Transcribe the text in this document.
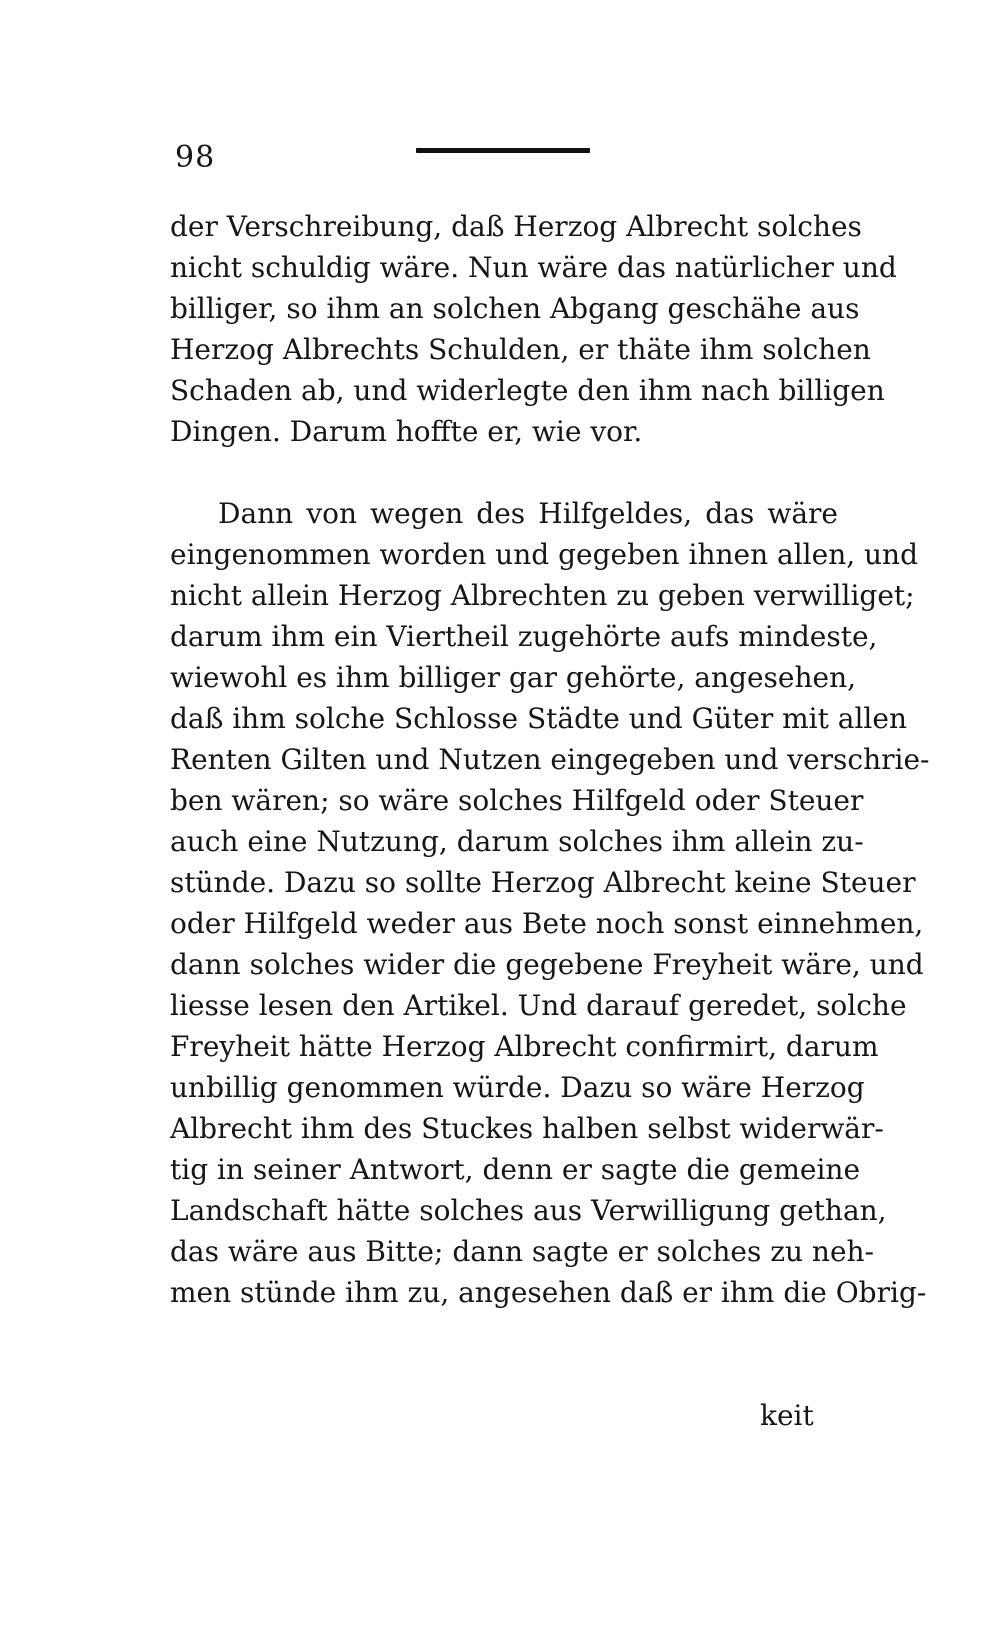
98
der Verschreibung, daß Herzog Albrecht solches
nicht schuldig wäre. Nun wäre das natürlicher und
billiger, so ihm an solchen Abgang geschähe aus
Herzog Albrechts Schulden, er thäte ihm solchen
Schaden ab, und widerlegte den ihm nach billigen
Dingen. Darum hoffte er, wie vor.
Dann von wegen des Hilfgeldes, das wäre
eingenommen worden und gegeben ihnen allen, und
nicht allein Herzog Albrechten zu geben verwilliget;
darum ihm ein Viertheil zugehörte aufs mindeste,
wiewohl es ihm billiger gar gehörte, angesehen,
daß ihm solche Schlosse Städte und Güter mit allen
Renten Gilten und Nutzen eingegeben und verschrie-
ben wären; so wäre solches Hilfgeld oder Steuer
auch eine Nutzung, darum solches ihm allein zu-
stünde. Dazu so sollte Herzog Albrecht keine Steuer
oder Hilfgeld weder aus Bete noch sonst einnehmen,
dann solches wider die gegebene Freyheit wäre, und
liesse lesen den Artikel. Und darauf geredet, solche
Freyheit hätte Herzog Albrecht confirmirt, darum
unbillig genommen würde. Dazu so wäre Herzog
Albrecht ihm des Stuckes halben selbst widerwär-
tig in seiner Antwort, denn er sagte die gemeine
Landschaft hätte solches aus Verwilligung gethan,
das wäre aus Bitte; dann sagte er solches zu neh-
men stünde ihm zu, angesehen daß er ihm die Obrig-
keit
